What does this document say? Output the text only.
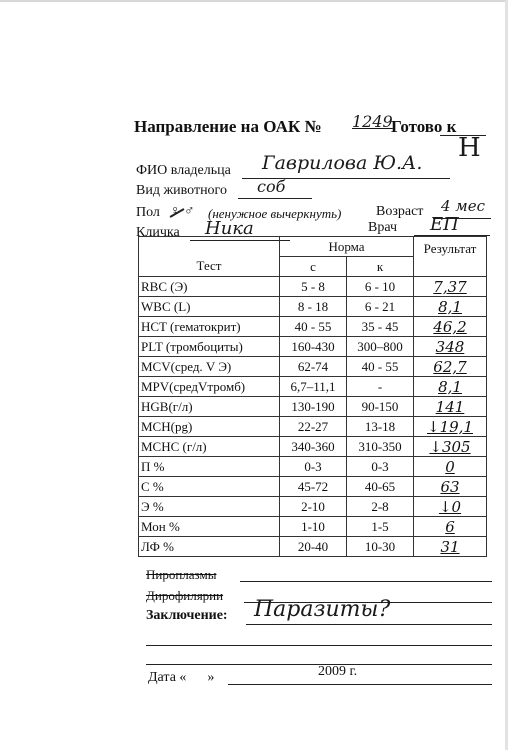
Направление на ОАК № 1249
Готово к
Н
ФИО владельца Гаврилова Ю.А.
Вид животного соб
Пол ♀ ♂ (ненужное вычеркнуть) Возраст 4 мес
Кличка Ника	Врач ЕП
Тест	Норма		Результат
	с	к	
RBC (Э)	5 - 8	6 - 10	7,37
WBC (L)	8 - 18	6 - 21	8,1
HCT (гематокрит)	40 - 55	35 - 45	46,2
PLT (тромбоциты)	160-430	300–800	348
MCV(сред. V Э)	62-74	40 - 55	62,7
MPV(средVтромб)	6,7–11,1	-	8,1
HGB(г/л)	130-190	90-150	141
MCH(pg)	22-27	13-18	↓19,1
MCHC (г/л)	340-360	310-350	↓305
П %	0-3	0-3	0
С %	45-72	40-65	63
Э %	2-10	2-8	↓0
Мон %	1-10	1-5	6
ЛФ %	20-40	10-30	31
Пироплазмы
Дирофилярии
Заключение: Паразиты?
Дата «      »	2009 г.
